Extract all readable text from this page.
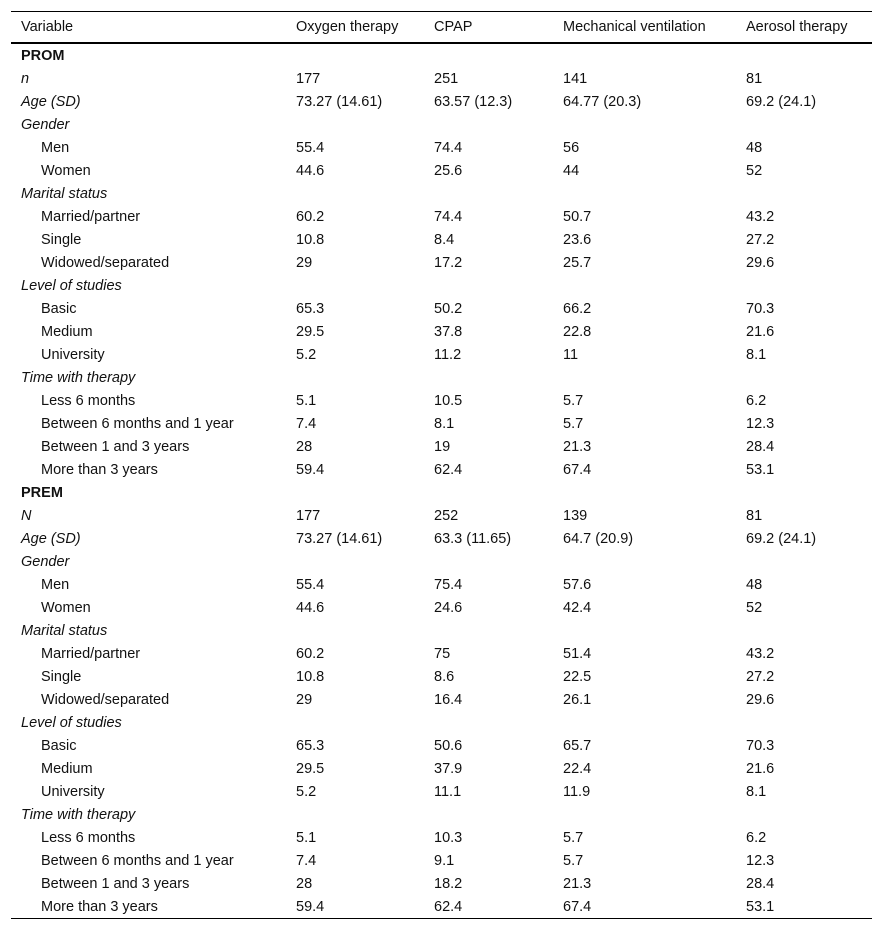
Variable	Oxygen therapy	CPAP	Mechanical ventilation	Aerosol therapy
PROM				
n	177	251	141	81
Age (SD)	73.27 (14.61)	63.57 (12.3)	64.77 (20.3)	69.2 (24.1)
Gender				
Men	55.4	74.4	56	48
Women	44.6	25.6	44	52
Marital status				
Married/partner	60.2	74.4	50.7	43.2
Single	10.8	8.4	23.6	27.2
Widowed/separated	29	17.2	25.7	29.6
Level of studies				
Basic	65.3	50.2	66.2	70.3
Medium	29.5	37.8	22.8	21.6
University	5.2	11.2	11	8.1
Time with therapy				
Less 6 months	5.1	10.5	5.7	6.2
Between 6 months and 1 year	7.4	8.1	5.7	12.3
Between 1 and 3 years	28	19	21.3	28.4
More than 3 years	59.4	62.4	67.4	53.1
PREM				
N	177	252	139	81
Age (SD)	73.27 (14.61)	63.3 (11.65)	64.7 (20.9)	69.2 (24.1)
Gender				
Men	55.4	75.4	57.6	48
Women	44.6	24.6	42.4	52
Marital status				
Married/partner	60.2	75	51.4	43.2
Single	10.8	8.6	22.5	27.2
Widowed/separated	29	16.4	26.1	29.6
Level of studies				
Basic	65.3	50.6	65.7	70.3
Medium	29.5	37.9	22.4	21.6
University	5.2	11.1	11.9	8.1
Time with therapy				
Less 6 months	5.1	10.3	5.7	6.2
Between 6 months and 1 year	7.4	9.1	5.7	12.3
Between 1 and 3 years	28	18.2	21.3	28.4
More than 3 years	59.4	62.4	67.4	53.1
